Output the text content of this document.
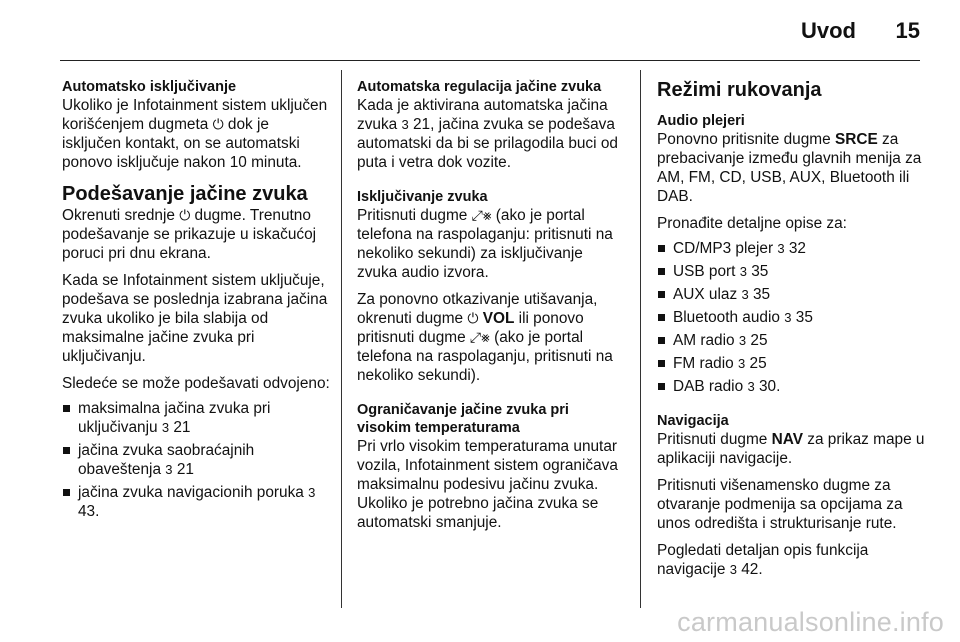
Uvod 15
Automatsko isključivanje

Ukoliko je Infotainment sistem uključen korišćenjem dugmeta ⏻ dok je isključen kontakt, on se automatski ponovo isključuje nakon 10 minuta.

Podešavanje jačine zvuka

Okrenuti srednje ⏻ dugme. Trenutno podešavanje se prikazuje u iskačućoj poruci pri dnu ekrana.

Kada se Infotainment sistem uključuje, podešava se poslednja izabrana jačina zvuka ukoliko je bila slabija od maksimalne jačine zvuka pri uključivanju.

Sledeće se može podešavati odvojeno:

maksimalna jačina zvuka pri uključivanju 3 21
jačina zvuka saobraćajnih obaveštenja 3 21
jačina zvuka navigacionih poruka 3 43.
Automatska regulacija jačine zvuka

Kada je aktivirana automatska jačina zvuka 3 21, jačina zvuka se podešava automatski da bi se prilagodila buci od puta i vetra dok vozite.

Isključivanje zvuka

Pritisnuti dugme ⤢⨳ (ako je portal telefona na raspolaganju: pritisnuti na nekoliko sekundi) za isključivanje zvuka audio izvora.

Za ponovno otkazivanje utišavanja, okrenuti dugme ⏻ VOL ili ponovo pritisnuti dugme ⤢⨳ (ako je portal telefona na raspolaganju, pritisnuti na nekoliko sekundi).

Ograničavanje jačine zvuka pri visokim temperaturama

Pri vrlo visokim temperaturama unutar vozila, Infotainment sistem ograničava maksimalnu podesivu jačinu zvuka. Ukoliko je potrebno jačina zvuka se automatski smanjuje.

Režimi rukovanja
Audio plejeri

Ponovno pritisnite dugme SRCE za prebacivanje između glavnih menija za AM, FM, CD, USB, AUX, Bluetooth ili DAB.

Pronađite detaljne opise za:

CD/MP3 plejer 3 32
USB port 3 35
AUX ulaz 3 35
Bluetooth audio 3 35
AM radio 3 25
FM radio 3 25
DAB radio 3 30.
Navigacija

Pritisnuti dugme NAV za prikaz mape u aplikaciji navigacije.

Pritisnuti višenamensko dugme za otvaranje podmenija sa opcijama za unos odredišta i strukturisanje rute.

Pogledati detaljan opis funkcija navigacije 3 42.

carmanualsonline.info
